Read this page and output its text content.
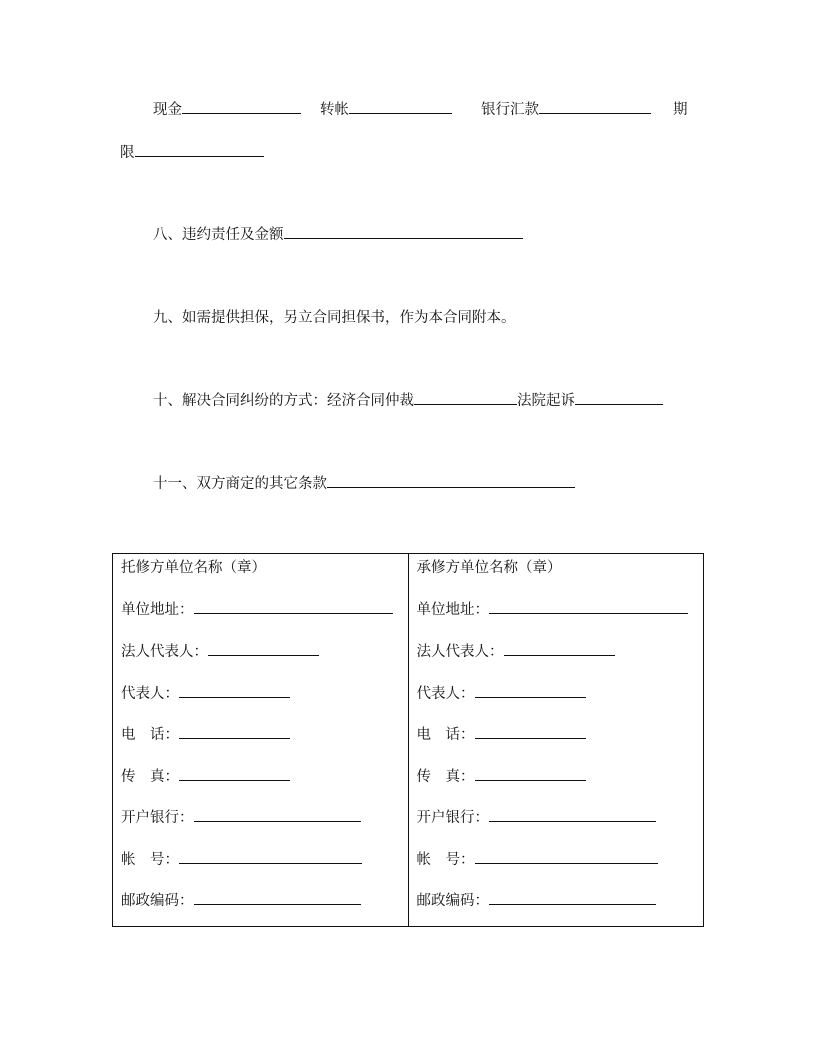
现金	转帐	银行汇款	期
限
八、违约责任及金额
九、如需提供担保，另立合同担保书，作为本合同附本。
十、解决合同纠纷的方式：经济合同仲裁	法院起诉
十一、双方商定的其它条款
托修方单位名称（章）
单位地址：
法人代表人：
代表人：
电　话：
传　真：
开户银行：
帐　号：
邮政编码：

承修方单位名称（章）
单位地址：
法人代表人：
代表人：
电　话：
传　真：
开户银行：
帐　号：
邮政编码：
